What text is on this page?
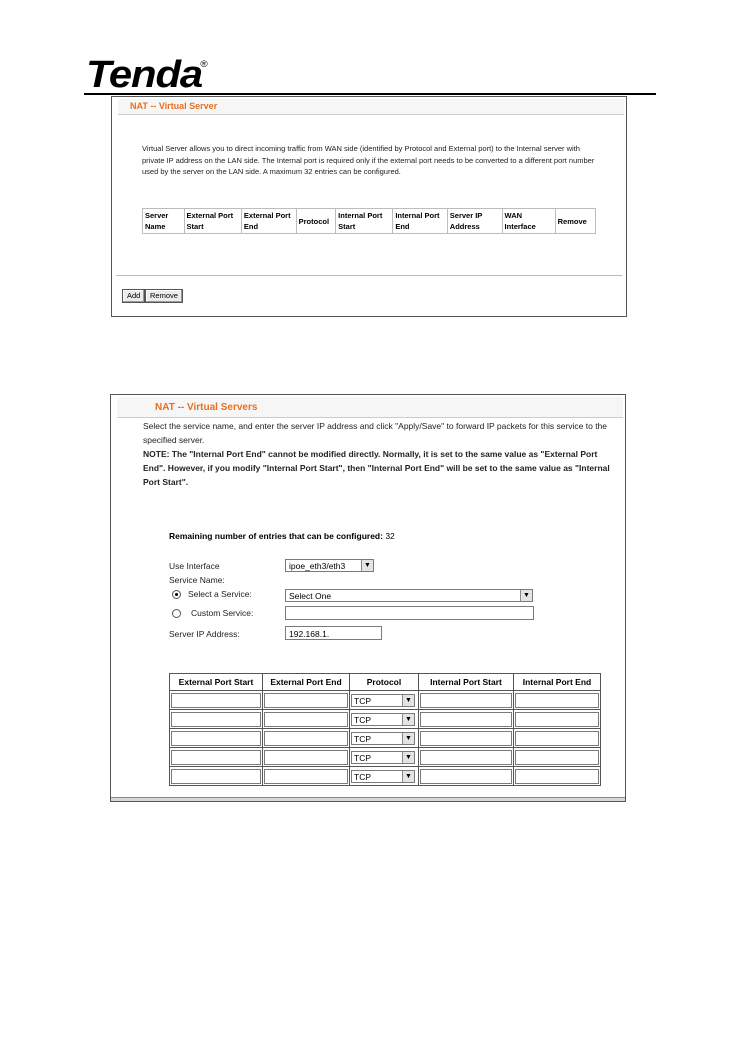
Tenda
®
NAT -- Virtual Server
Virtual Server allows you to direct incoming traffic from WAN side (identified by Protocol and External port) to the Internal server with private IP address on the LAN side. The Internal port is required only if the external port needs to be converted to a different port number used by the server on the LAN side. A maximum 32 entries can be configured.
Server Name	External Port Start	External Port End	Protocol	Internal Port Start	Internal Port End	Server IP Address	WAN Interface	Remove
Add	Remove
NAT -- Virtual Servers
Select the service name, and enter the server IP address and click "Apply/Save" to forward IP packets for this service to the specified server.
NOTE: The "Internal Port End" cannot be modified directly. Normally, it is set to the same value as "External Port End". However, if you modify "Internal Port Start", then "Internal Port End" will be set to the same value as "Internal Port Start".
Remaining number of entries that can be configured: 32
Use Interface	ipoe_eth3/eth3	▼
Service Name:
Select a Service:	Select One	▼
Custom Service:
Server IP Address:	192.168.1.
External Port Start	External Port End	Protocol	Internal Port Start	Internal Port End

		TCP ▼		

		TCP ▼		

		TCP ▼		

		TCP ▼		

		TCP ▼		
